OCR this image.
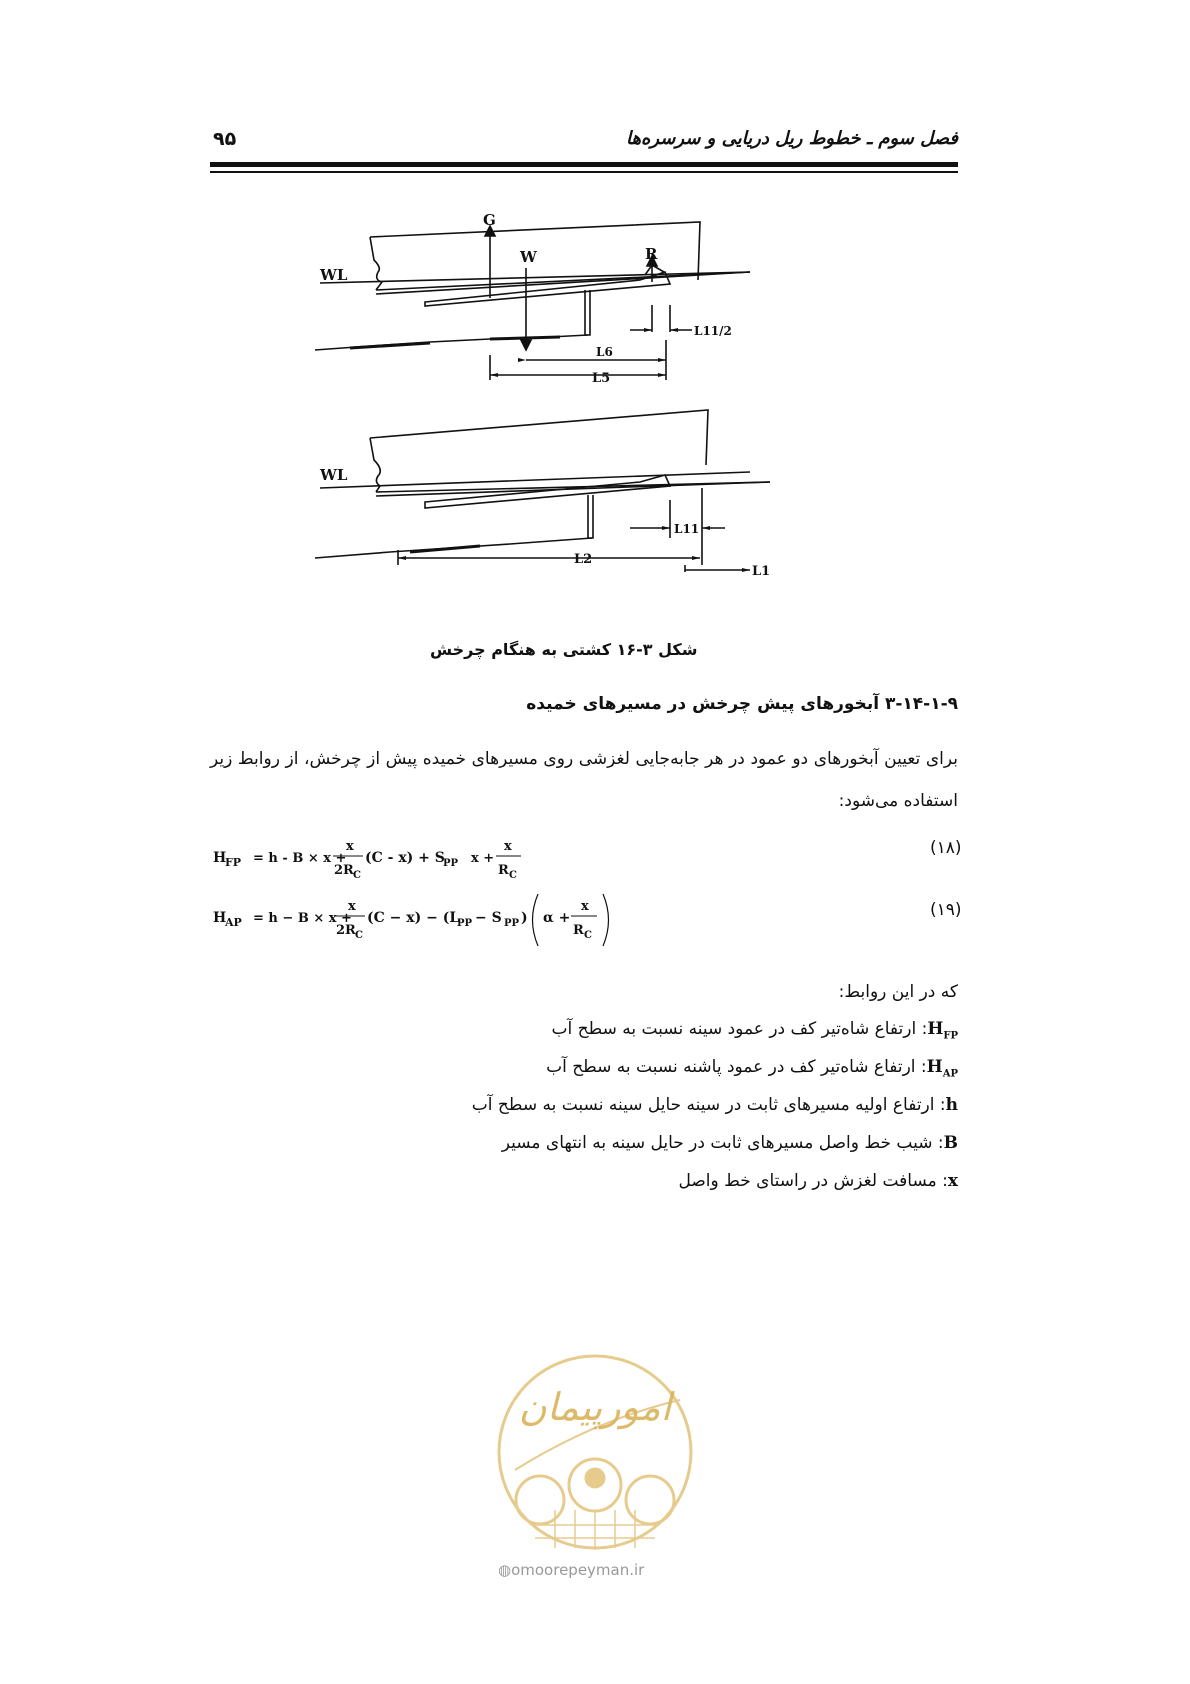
فصل سوم ـ خطوط ریل دریایی و سرسره‌ها
۹۵
G
W	R
WL
L6
L5
L11/2
WL
L11
L2
L1
شکل ۳-۱۶ کشتی به هنگام چرخش
۳-۱۴-۱-۹ آبخورهای پیش چرخش در مسیرهای خمیده
برای تعیین آبخورهای دو عمود در هر جابه‌جایی لغزشی روی مسیرهای خمیده پیش از چرخش، از روابط زیر استفاده می‌شود:
H
FP = h - B × x +
x
2R C
(C - x) + S
PP x +
x
R C
(۱۸)
H
AP = h − B × x +
x
2R C
(C − x) − (L
PP − S PP ) α +
x
R C
(۱۹)
که در این روابط:
$H_{FP}$: ارتفاع شاه‌تیر کف در عمود سینه نسبت به سطح آب
$H_{AP}$: ارتفاع شاه‌تیر کف در عمود پاشنه نسبت به سطح آب
h: ارتفاع اولیه مسیرهای ثابت در سینه حایل سینه نسبت به سطح آب
B: شیب خط واصل مسیرهای ثابت در حایل سینه به انتهای مسیر
x: مسافت لغزش در راستای خط واصل
امورپیمان
◍omoorepeyman.ir
